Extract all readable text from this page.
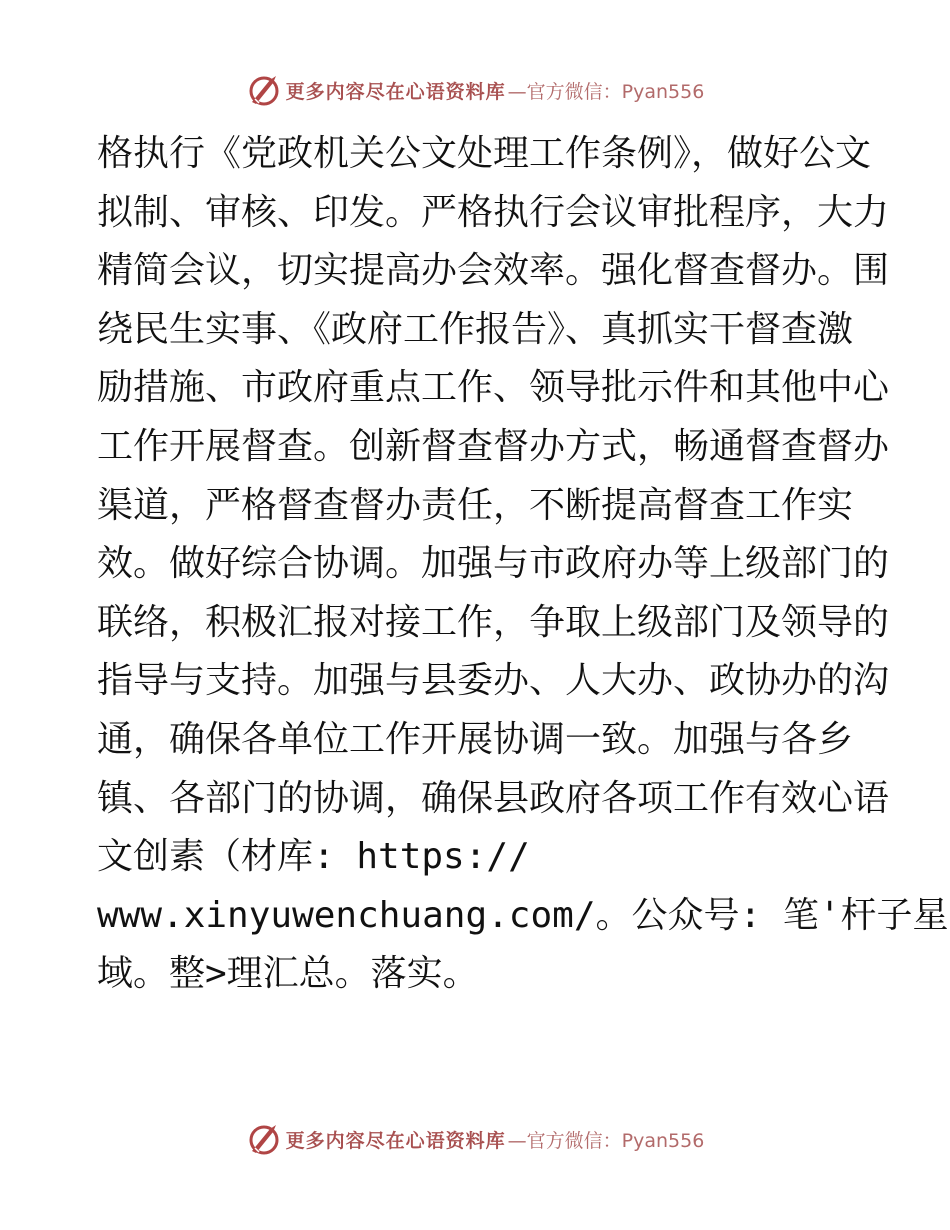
更多内容尽在心语资料库 —官方微信：Pyan556
格执行《党政机关公文处理工作条例》，做好公文
拟制、审核、印发。严格执行会议审批程序，大力
精简会议，切实提高办会效率。强化督查督办。围
绕民生实事、《政府工作报告》、真抓实干督查激
励措施、市政府重点工作、领导批示件和其他中心
工作开展督查。创新督查督办方式，畅通督查督办
渠道，严格督查督办责任，不断提高督查工作实
效。做好综合协调。加强与市政府办等上级部门的
联络，积极汇报对接工作，争取上级部门及领导的
指导与支持。加强与县委办、人大办、政协办的沟
通，确保各单位工作开展协调一致。加强与各乡
镇、各部门的协调，确保县政府各项工作有效心语
文创素（材库: https://
www.xinyuwenchuang.com/。公众号: 笔'杆子星
域。整>理汇总。落实。
更多内容尽在心语资料库 —官方微信：Pyan556
